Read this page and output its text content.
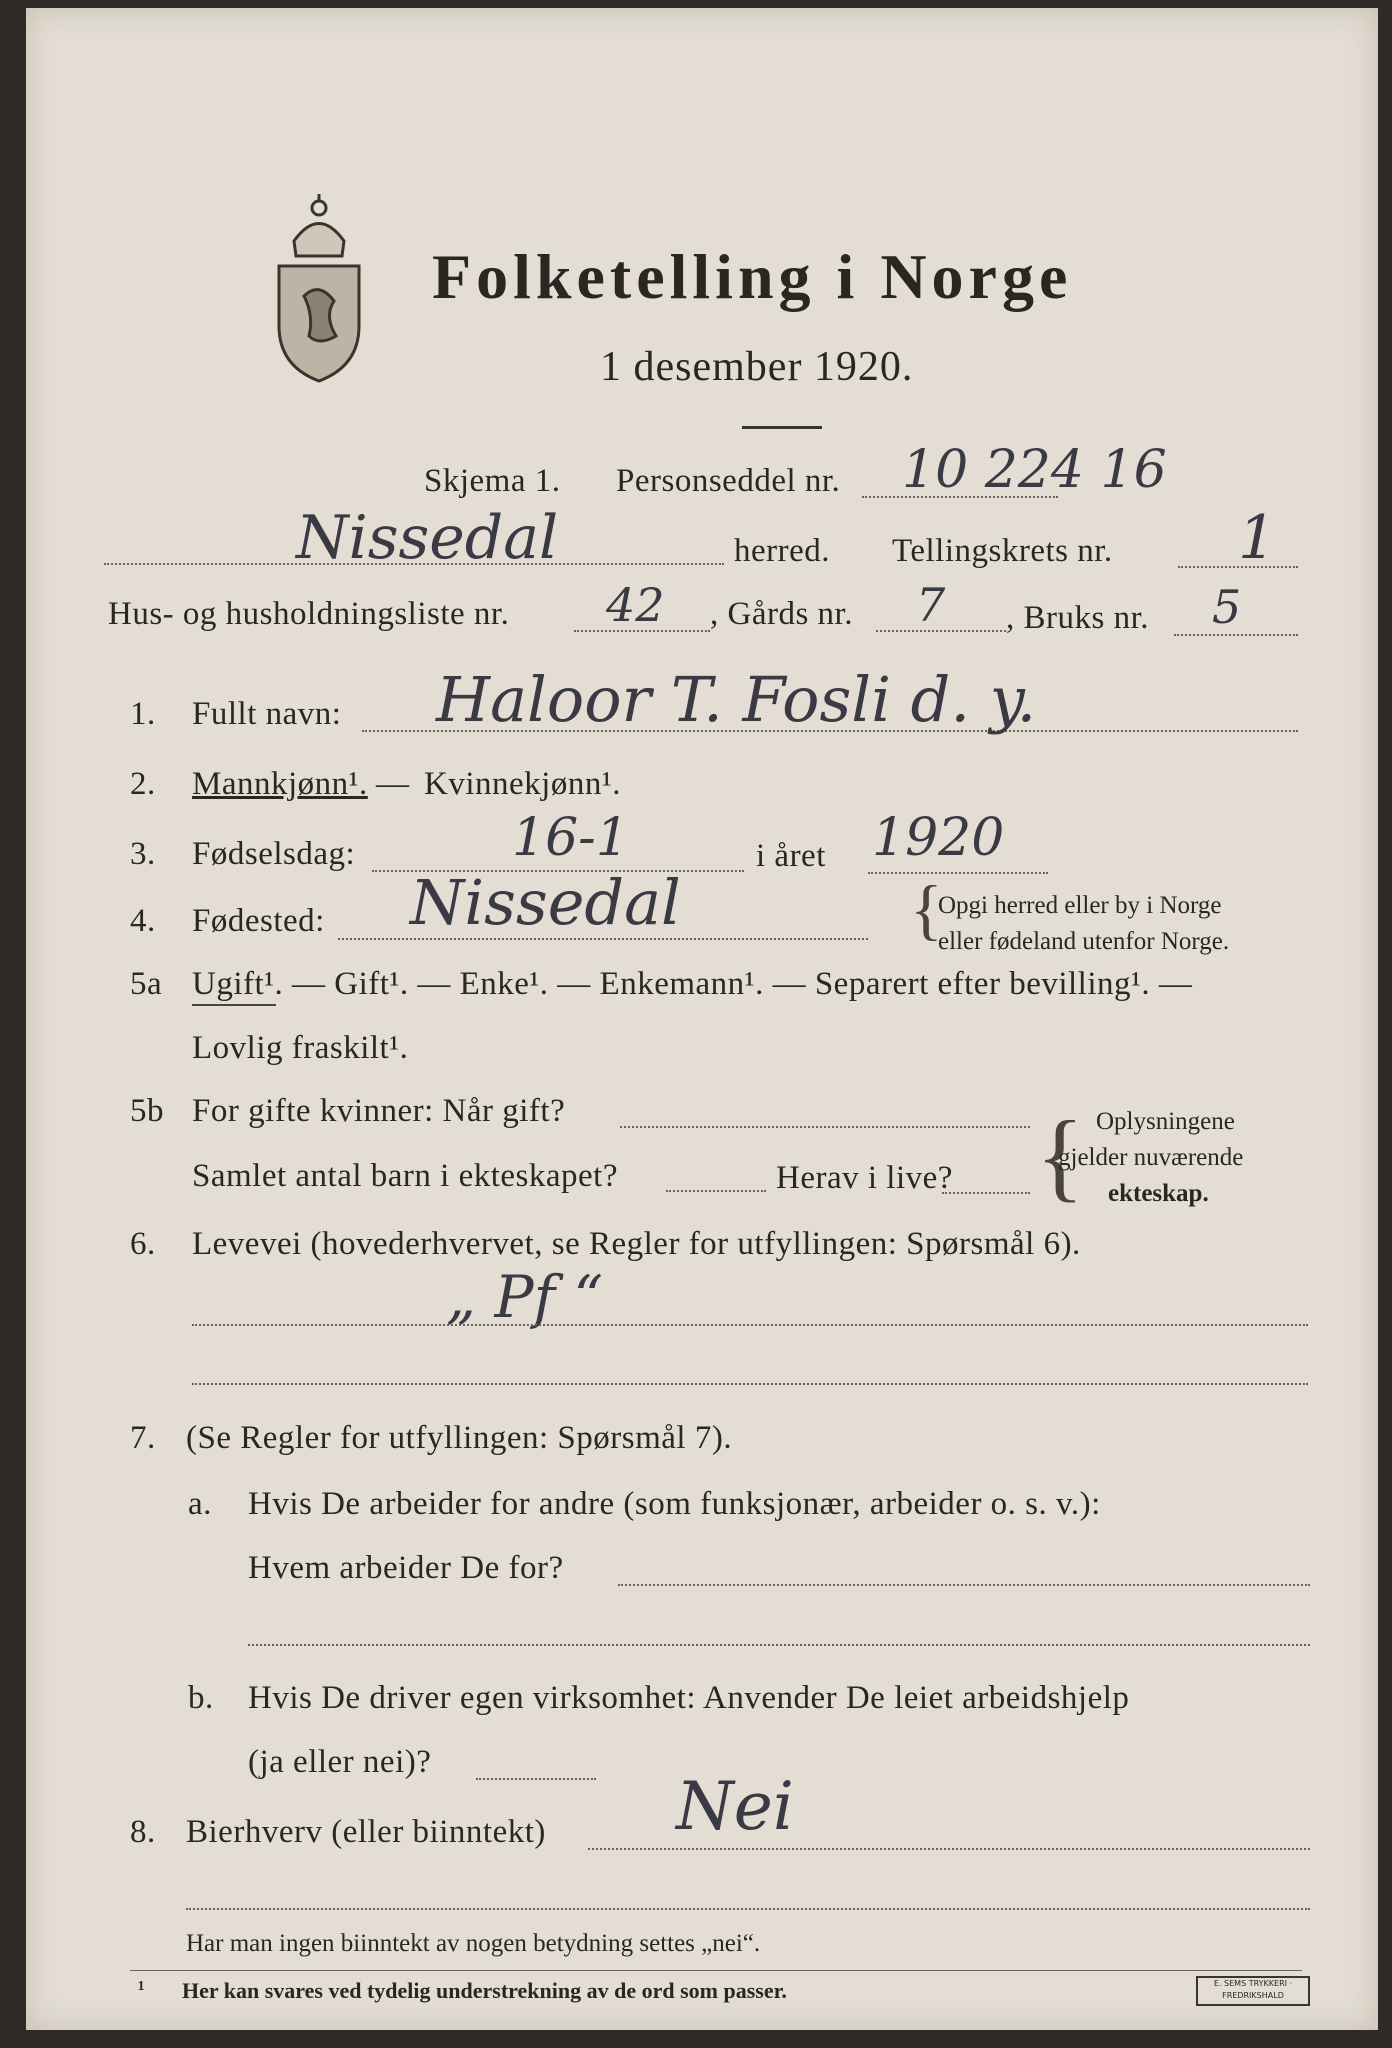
Folketelling i Norge
1 desember 1920.
Skjema 1. Personseddel nr. 10 224 16
Nissedal	herred. Tellingskrets nr. 1
Hus- og husholdningsliste nr. 42 , Gårds nr. 7 , Bruks nr. 5
1. Fullt navn: Haloor T. Fosli d. y.
2. Mannkjønn¹. — Kvinnekjønn¹.
3. Fødselsdag:	16-1	i året 1920
4. Fødested: Nissedal	{
Opgi herred eller by i Norge
eller fødeland utenfor Norge.
5a Ugift¹. — Gift¹. — Enke¹. — Enkemann¹. — Separert efter bevilling¹. —
Lovlig fraskilt¹.
5b For gifte kvinner: Når gift?
Samlet antal barn i ekteskapet?	Herav i live? { Oplysningene
gjelder nuværende
ekteskap.
6. Levevei (hovederhvervet, se Regler for utfyllingen: Spørsmål 6).
„ Pf “
7. (Se Regler for utfyllingen: Spørsmål 7).
a. Hvis De arbeider for andre (som funksjonær, arbeider o. s. v.):
Hvem arbeider De for?
b. Hvis De driver egen virksomhet: Anvender De leiet arbeidshjelp
(ja eller nei)?
8. Bierhverv (eller biinntekt) Nei
Har man ingen biinntekt av nogen betydning settes „nei“.
¹ Her kan svares ved tydelig understrekning av de ord som passer.	E. SEMS TRYKKERI · FREDRIKSHALD
